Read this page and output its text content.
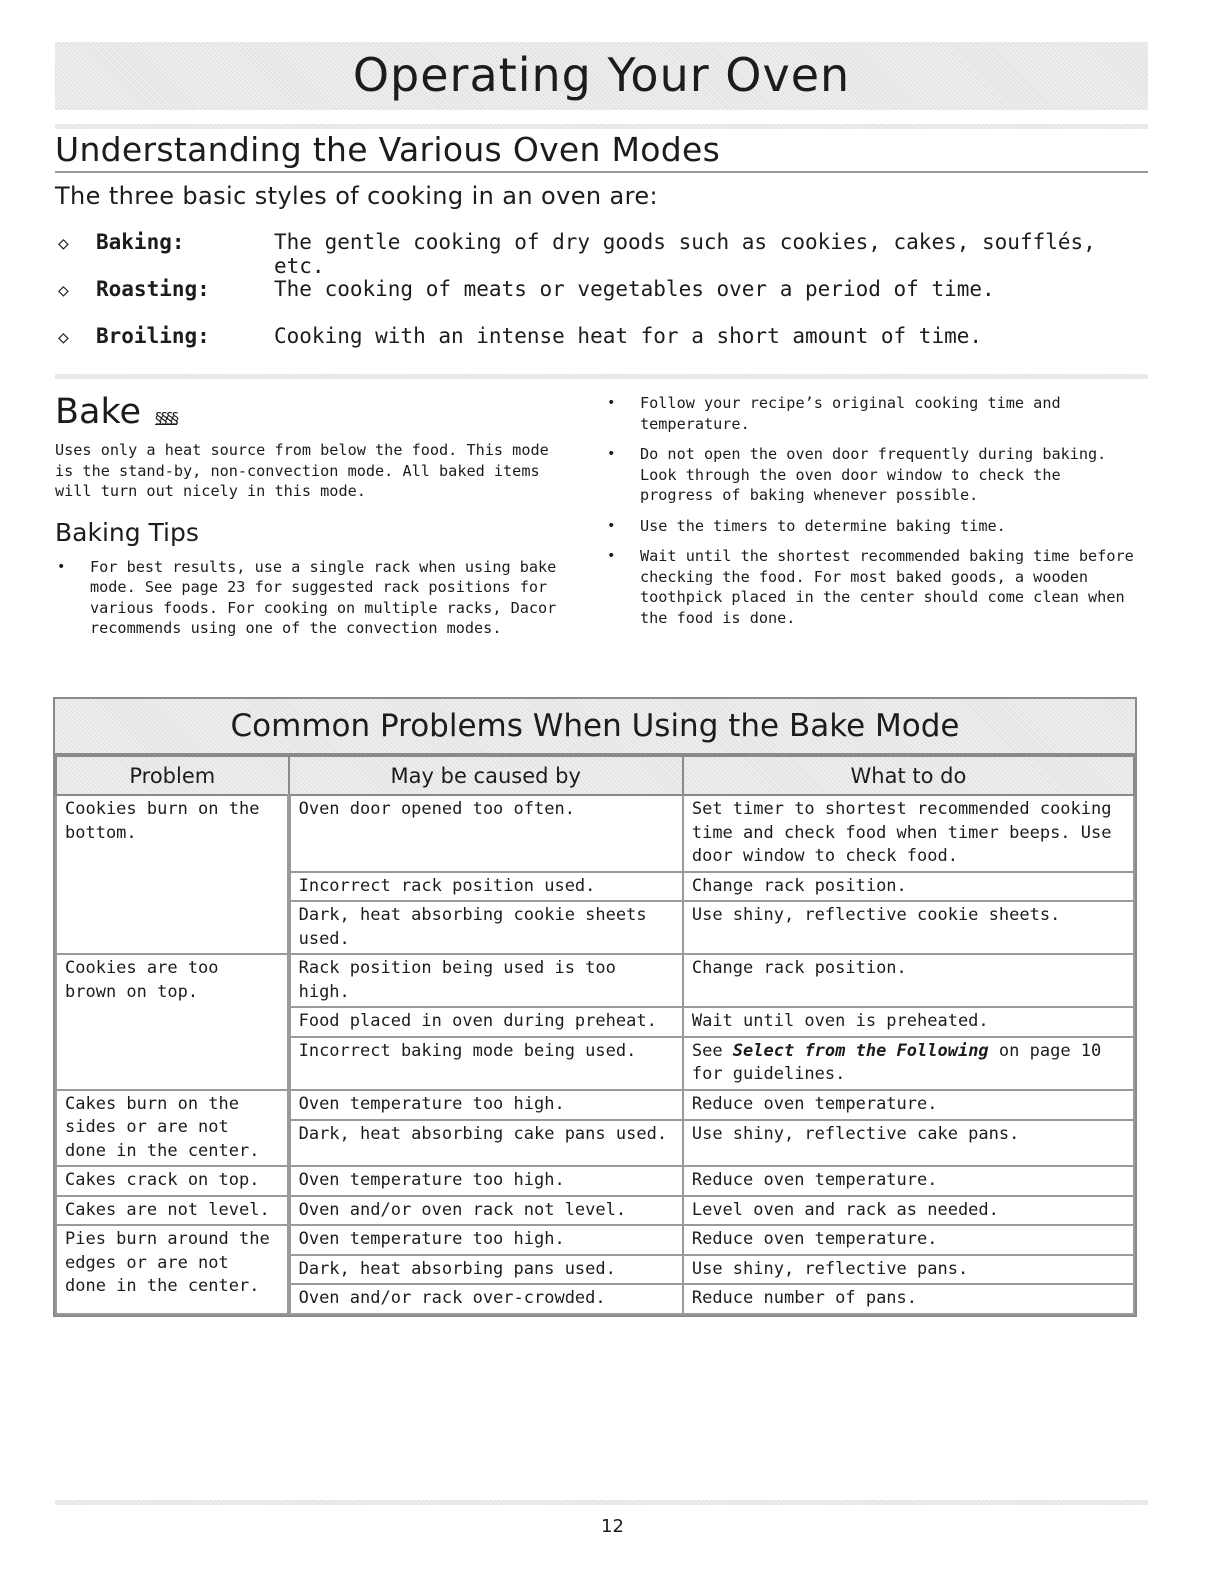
Operating Your Oven
Understanding the Various Oven Modes

The three basic styles of cooking in an oven are:

◇	Baking:	The gentle cooking of dry goods such as cookies, cakes, soufflés, etc.
◇	Roasting:	The cooking of meats or vegetables over a period of time.
◇	Broiling:	Cooking with an intense heat for a short amount of time.
Bake §§§§

Uses only a heat source from below the food. This mode is the stand-by, non-convection mode. All baked items will turn out nicely in this mode.

Baking Tips
• For best results, use a single rack when using bake mode. See page 23 for suggested rack positions for various foods. For cooking on multiple racks, Dacor recommends using one of the convection modes.
• Follow your recipe’s original cooking time and temperature.
• Do not open the oven door frequently during baking. Look through the oven door window to check the progress of baking whenever possible.
• Use the timers to determine baking time.
• Wait until the shortest recommended baking time before checking the food. For most baked goods, a wooden toothpick placed in the center should come clean when the food is done.
Common Problems When Using the Bake Mode
Problem	May be caused by	What to do
Cookies burn on the bottom.	Oven door opened too often.	Set timer to shortest recommended cooking time and check food when timer beeps. Use door window to check food.
	Incorrect rack position used.	Change rack position.
	Dark, heat absorbing cookie sheets used.	Use shiny, reflective cookie sheets.
Cookies are too brown on top.	Rack position being used is too high.	Change rack position.
	Food placed in oven during preheat.	Wait until oven is preheated.
	Incorrect baking mode being used.	See Select from the Following on page 10 for guidelines.
Cakes burn on the sides or are not done in the center.	Oven temperature too high.	Reduce oven temperature.
	Dark, heat absorbing cake pans used.	Use shiny, reflective cake pans.
Cakes crack on top.	Oven temperature too high.	Reduce oven temperature.
Cakes are not level.	Oven and/or oven rack not level.	Level oven and rack as needed.
Pies burn around the edges or are not done in the center.	Oven temperature too high.	Reduce oven temperature.
	Dark, heat absorbing pans used.	Use shiny, reflective pans.
	Oven and/or rack over-crowded.	Reduce number of pans.
12
